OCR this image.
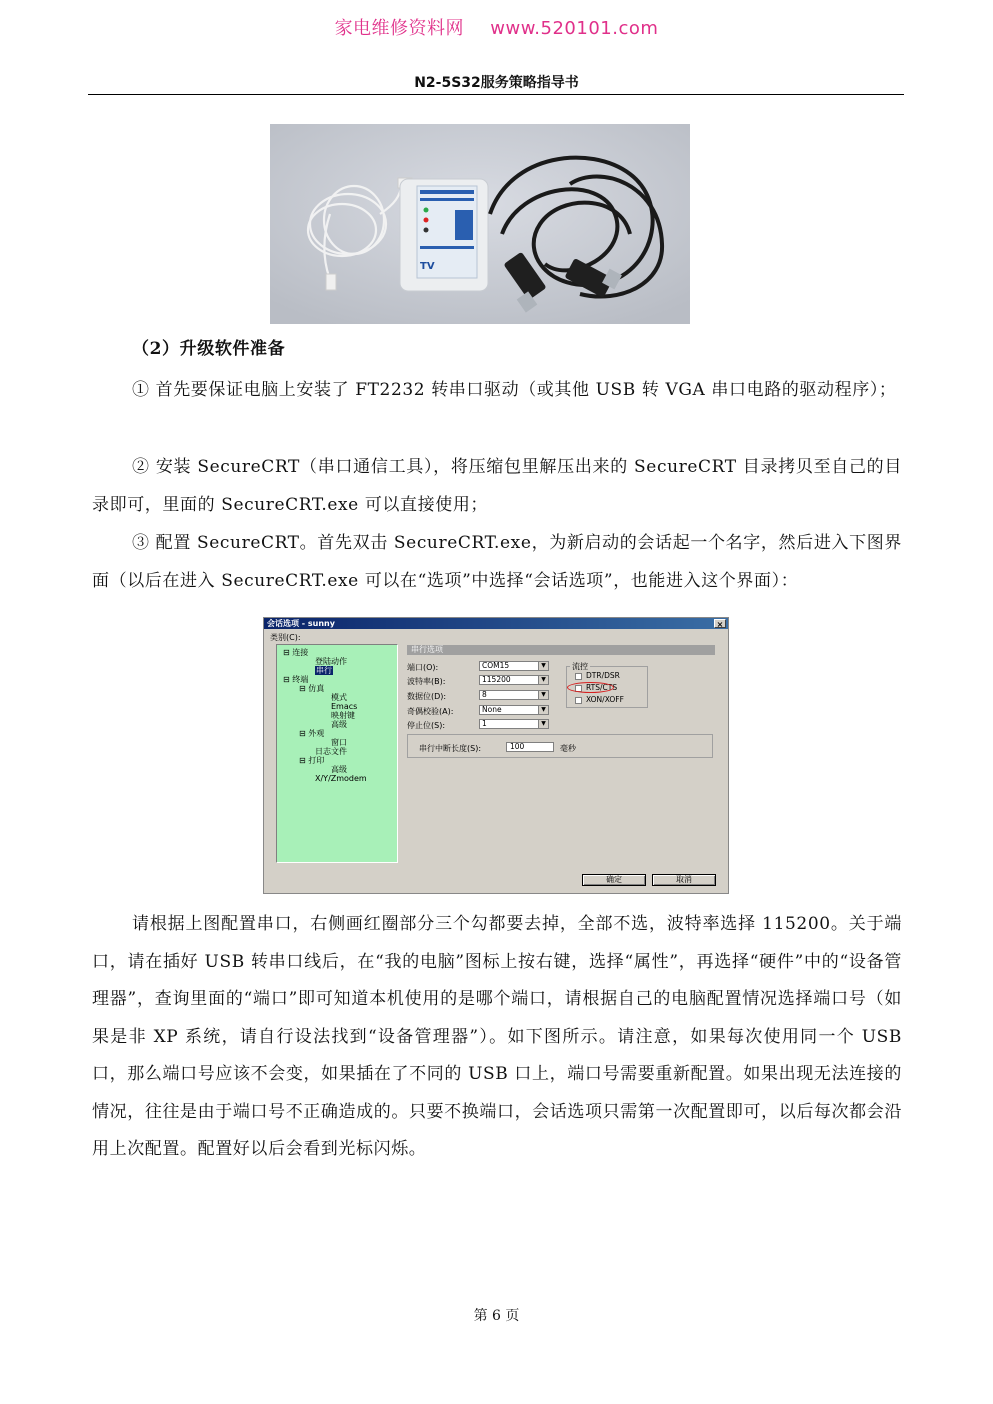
家电维修资料网 www.520101.com
N2-5S32服务策略指导书
TV
（2）升级软件准备

① 首先要保证电脑上安装了 FT2232 转串口驱动（或其他 USB 转 VGA 串口电路的驱动程序）；

② 安装 SecureCRT（串口通信工具），将压缩包里解压出来的 SecureCRT 目录拷贝至自己的目录即可，里面的 SecureCRT.exe 可以直接使用；

③ 配置 SecureCRT。首先双击 SecureCRT.exe，为新启动的会话起一个名字，然后进入下图界面（以后在进入 SecureCRT.exe 可以在“选项”中选择“会话选项”，也能进入这个界面）：

会话选项 - sunny	×
类别(C):
⊟ 连接
登陆动作
串行
⊟ 终端
⊟ 仿真
模式
Emacs
映射键
高级
⊟ 外观
窗口
日志文件
⊟ 打印
高级
X/Y/Zmodem
串行选项
端口(O):	COM15	▼
波特率(B):	115200	▼
数据位(D):	8	▼
奇偶校验(A):	None	▼
停止位(S):	1	▼
流控
DTR/DSR
RTS/CTS
XON/XOFF
串行中断长度(S):	100	毫秒
确定	取消

请根据上图配置串口，右侧画红圈部分三个勾都要去掉，全部不选，波特率选择 115200。关于端口，请在插好 USB 转串口线后，在“我的电脑”图标上按右键，选择“属性”，再选择“硬件”中的“设备管理器”，查询里面的“端口”即可知道本机使用的是哪个端口，请根据自己的电脑配置情况选择端口号（如果是非 XP 系统，请自行设法找到“设备管理器”）。如下图所示。请注意，如果每次使用同一个 USB 口，那么端口号应该不会变，如果插在了不同的 USB 口上，端口号需要重新配置。如果出现无法连接的情况，往往是由于端口号不正确造成的。只要不换端口，会话选项只需第一次配置即可，以后每次都会沿用上次配置。配置好以后会看到光标闪烁。

第 6 页
